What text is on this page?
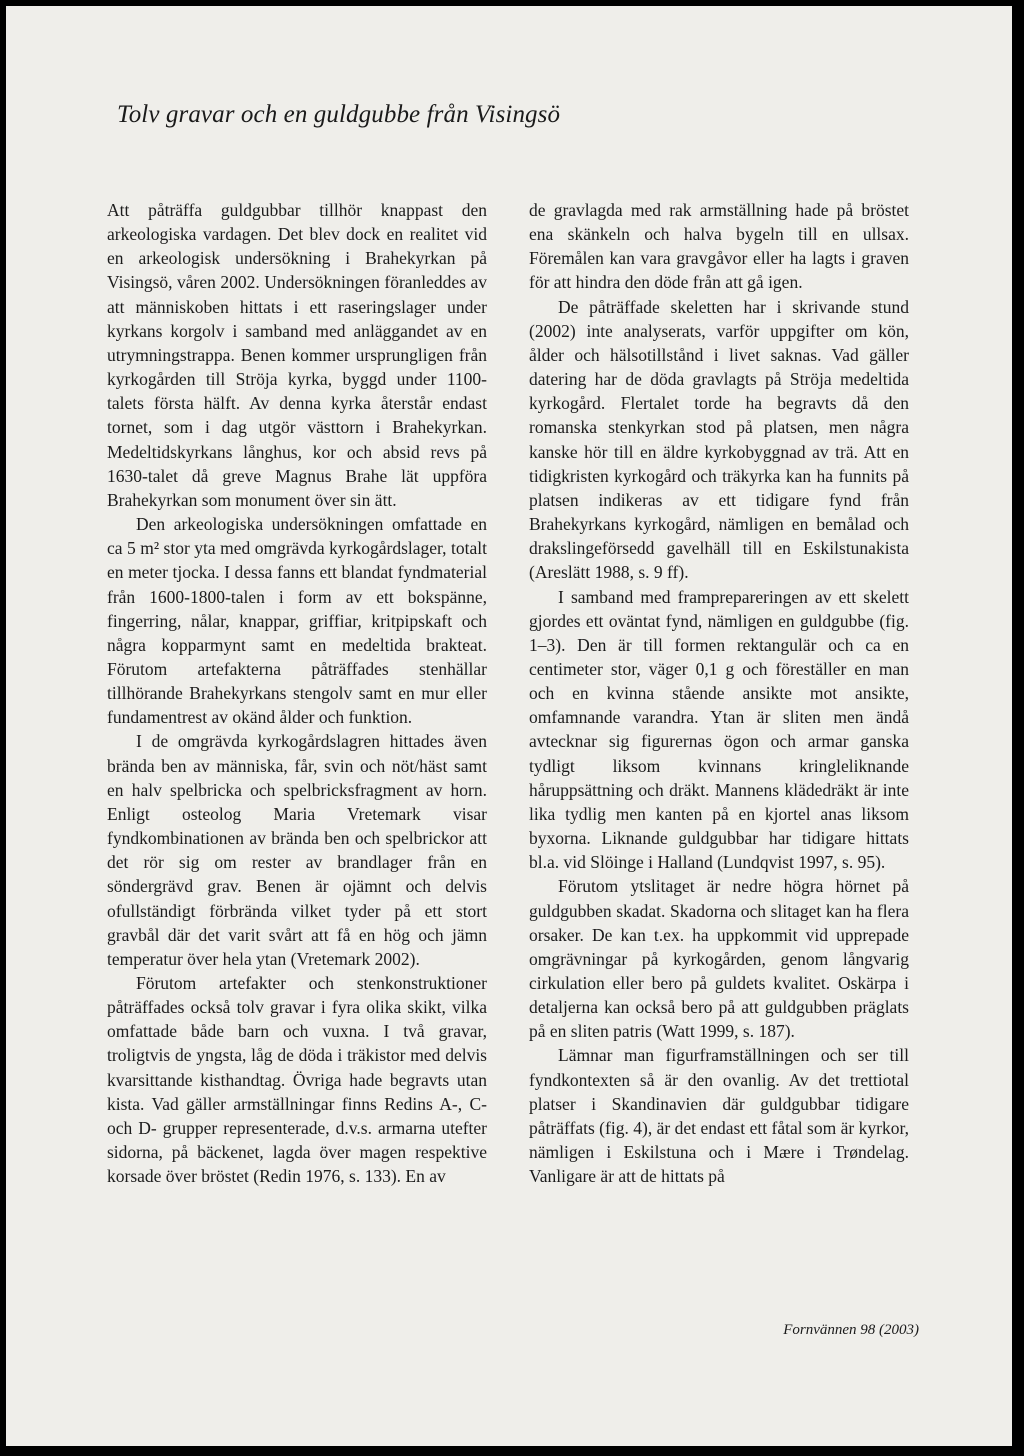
Tolv gravar och en guldgubbe från Visingsö

Att påträffa guldgubbar tillhör knappast den arkeologiska vardagen. Det blev dock en realitet vid en arkeologisk undersökning i Brahekyrkan på Visingsö, våren 2002. Undersökningen föranleddes av att människoben hittats i ett raseringslager under kyrkans korgolv i samband med anläggandet av en utrymningstrappa. Benen kommer ursprungligen från kyrkogården till Ströja kyrka, byggd under 1100-talets första hälft. Av denna kyrka återstår endast tornet, som i dag utgör västtorn i Brahekyrkan. Medeltidskyrkans långhus, kor och absid revs på 1630-talet då greve Magnus Brahe lät uppföra Brahekyrkan som monument över sin ätt.

Den arkeologiska undersökningen omfattade en ca 5 m² stor yta med omgrävda kyrkogårdslager, totalt en meter tjocka. I dessa fanns ett blandat fyndmaterial från 1600-1800-talen i form av ett bokspänne, fingerring, nålar, knappar, griffiar, kritpipskaft och några kopparmynt samt en medeltida brakteat. Förutom artefakterna påträffades stenhällar tillhörande Brahekyrkans stengolv samt en mur eller fundamentrest av okänd ålder och funktion.

I de omgrävda kyrkogårdslagren hittades även brända ben av människa, får, svin och nöt/häst samt en halv spelbricka och spelbricksfragment av horn. Enligt osteolog Maria Vretemark visar fyndkombinationen av brända ben och spelbrickor att det rör sig om rester av brandlager från en söndergrävd grav. Benen är ojämnt och delvis ofullständigt förbrända vilket tyder på ett stort gravbål där det varit svårt att få en hög och jämn temperatur över hela ytan (Vretemark 2002).

Förutom artefakter och stenkonstruktioner påträffades också tolv gravar i fyra olika skikt, vilka omfattade både barn och vuxna. I två gravar, troligtvis de yngsta, låg de döda i träkistor med delvis kvarsittande kisthandtag. Övriga hade begravts utan kista. Vad gäller armställningar finns Redins A-, C- och D- grupper representerade, d.v.s. armarna utefter sidorna, på bäckenet, lagda över magen respektive korsade över bröstet (Redin 1976, s. 133). En av

de gravlagda med rak armställning hade på bröstet ena skänkeln och halva bygeln till en ullsax. Föremålen kan vara gravgåvor eller ha lagts i graven för att hindra den döde från att gå igen.

De påträffade skeletten har i skrivande stund (2002) inte analyserats, varför uppgifter om kön, ålder och hälsotillstånd i livet saknas. Vad gäller datering har de döda gravlagts på Ströja medeltida kyrkogård. Flertalet torde ha begravts då den romanska stenkyrkan stod på platsen, men några kanske hör till en äldre kyrkobyggnad av trä. Att en tidigkristen kyrkogård och träkyrka kan ha funnits på platsen indikeras av ett tidigare fynd från Brahekyrkans kyrkogård, nämligen en bemålad och drakslingeförsedd gavelhäll till en Eskilstunakista (Areslätt 1988, s. 9 ff).

I samband med framprepareringen av ett skelett gjordes ett oväntat fynd, nämligen en guldgubbe (fig. 1–3). Den är till formen rektangulär och ca en centimeter stor, väger 0,1 g och föreställer en man och en kvinna stående ansikte mot ansikte, omfamnande varandra. Ytan är sliten men ändå avtecknar sig figurernas ögon och armar ganska tydligt liksom kvinnans kringleliknande håruppsättning och dräkt. Mannens klädedräkt är inte lika tydlig men kanten på en kjortel anas liksom byxorna. Liknande guldgubbar har tidigare hittats bl.a. vid Slöinge i Halland (Lundqvist 1997, s. 95).

Förutom ytslitaget är nedre högra hörnet på guldgubben skadat. Skadorna och slitaget kan ha flera orsaker. De kan t.ex. ha uppkommit vid upprepade omgrävningar på kyrkogården, genom långvarig cirkulation eller bero på guldets kvalitet. Oskärpa i detaljerna kan också bero på att guldgubben präglats på en sliten patris (Watt 1999, s. 187).

Lämnar man figurframställningen och ser till fyndkontexten så är den ovanlig. Av det trettiotal platser i Skandinavien där guldgubbar tidigare påträffats (fig. 4), är det endast ett fåtal som är kyrkor, nämligen i Eskilstuna och i Mære i Trøndelag. Vanligare är att de hittats på

Fornvännen 98 (2003)
